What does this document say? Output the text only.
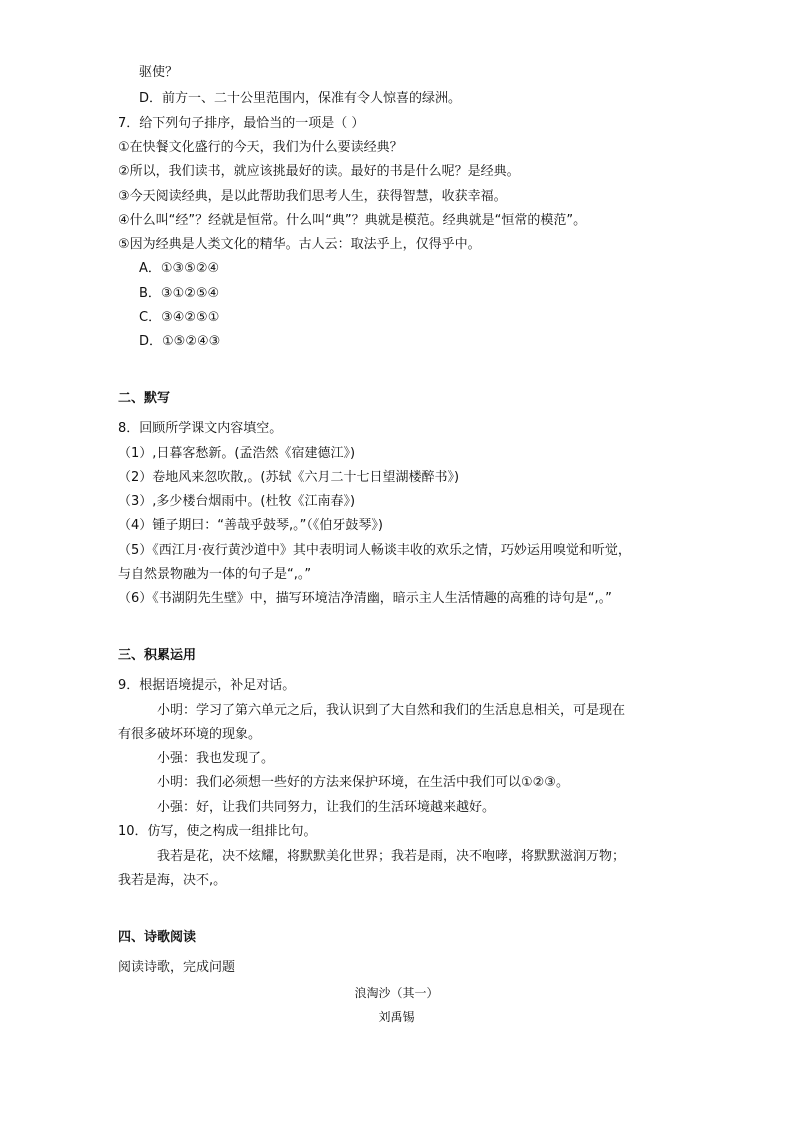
驱使？
D．前方一、二十公里范围内，保准有令人惊喜的绿洲。
7．给下列句子排序，最恰当的一项是（ ）
①在快餐文化盛行的今天，我们为什么要读经典？
②所以，我们读书，就应该挑最好的读。最好的书是什么呢？是经典。
③今天阅读经典，是以此帮助我们思考人生，获得智慧，收获幸福。
④什么叫“经”？经就是恒常。什么叫“典”？典就是模范。经典就是“恒常的模范”。
⑤因为经典是人类文化的精华。古人云：取法乎上，仅得乎中。
A．①③⑤②④
B．③①②⑤④
C．③④②⑤①
D．①⑤②④③
二、默写
8．回顾所学课文内容填空。
（1）,日暮客愁新。(孟浩然《宿建德江》)
（2）卷地风来忽吹散,。(苏轼《六月二十七日望湖楼醉书》)
（3）,多少楼台烟雨中。(杜牧《江南春》)
（4）锺子期曰：“善哉乎鼓琴,。”（《伯牙鼓琴》)
（5）《西江月·夜行黄沙道中》其中表明词人畅谈丰收的欢乐之情，巧妙运用嗅觉和听觉，
与自然景物融为一体的句子是“,。”
（6）《书湖阴先生壁》中，描写环境洁净清幽，暗示主人生活情趣的高雅的诗句是“,。”
三、积累运用
9．根据语境提示，补足对话。
小明：学习了第六单元之后，我认识到了大自然和我们的生活息息相关，可是现在
有很多破坏环境的现象。
小强：我也发现了。
小明：我们必须想一些好的方法来保护环境，在生活中我们可以①②③。
小强：好，让我们共同努力，让我们的生活环境越来越好。
10．仿写，使之构成一组排比句。
我若是花，决不炫耀，将默默美化世界；我若是雨，决不咆哮，将默默滋润万物；
我若是海，决不,。
四、诗歌阅读
阅读诗歌，完成问题
浪淘沙（其一）
刘禹锡
